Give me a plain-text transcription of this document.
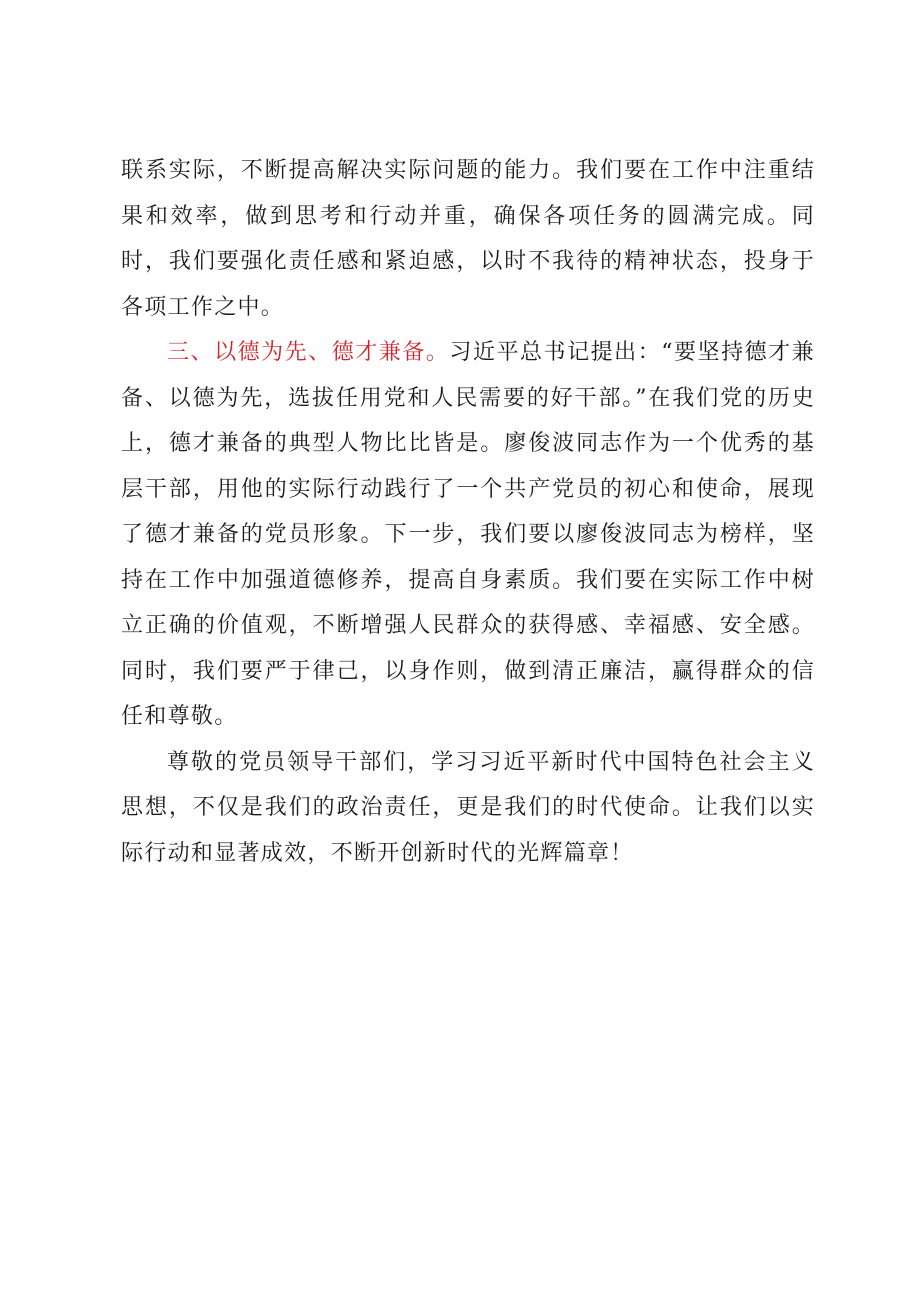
联系实际，不断提高解决实际问题的能力。我们要在工作中注重结果和效率，做到思考和行动并重，确保各项任务的圆满完成。同时，我们要强化责任感和紧迫感，以时不我待的精神状态，投身于各项工作之中。

三、以德为先、德才兼备。习近平总书记提出：“要坚持德才兼备、以德为先，选拔任用党和人民需要的好干部。”在我们党的历史上，德才兼备的典型人物比比皆是。廖俊波同志作为一个优秀的基层干部，用他的实际行动践行了一个共产党员的初心和使命，展现了德才兼备的党员形象。下一步，我们要以廖俊波同志为榜样，坚持在工作中加强道德修养，提高自身素质。我们要在实际工作中树立正确的价值观，不断增强人民群众的获得感、幸福感、安全感。同时，我们要严于律己，以身作则，做到清正廉洁，赢得群众的信任和尊敬。

尊敬的党员领导干部们，学习习近平新时代中国特色社会主义思想，不仅是我们的政治责任，更是我们的时代使命。让我们以实际行动和显著成效，不断开创新时代的光辉篇章！
